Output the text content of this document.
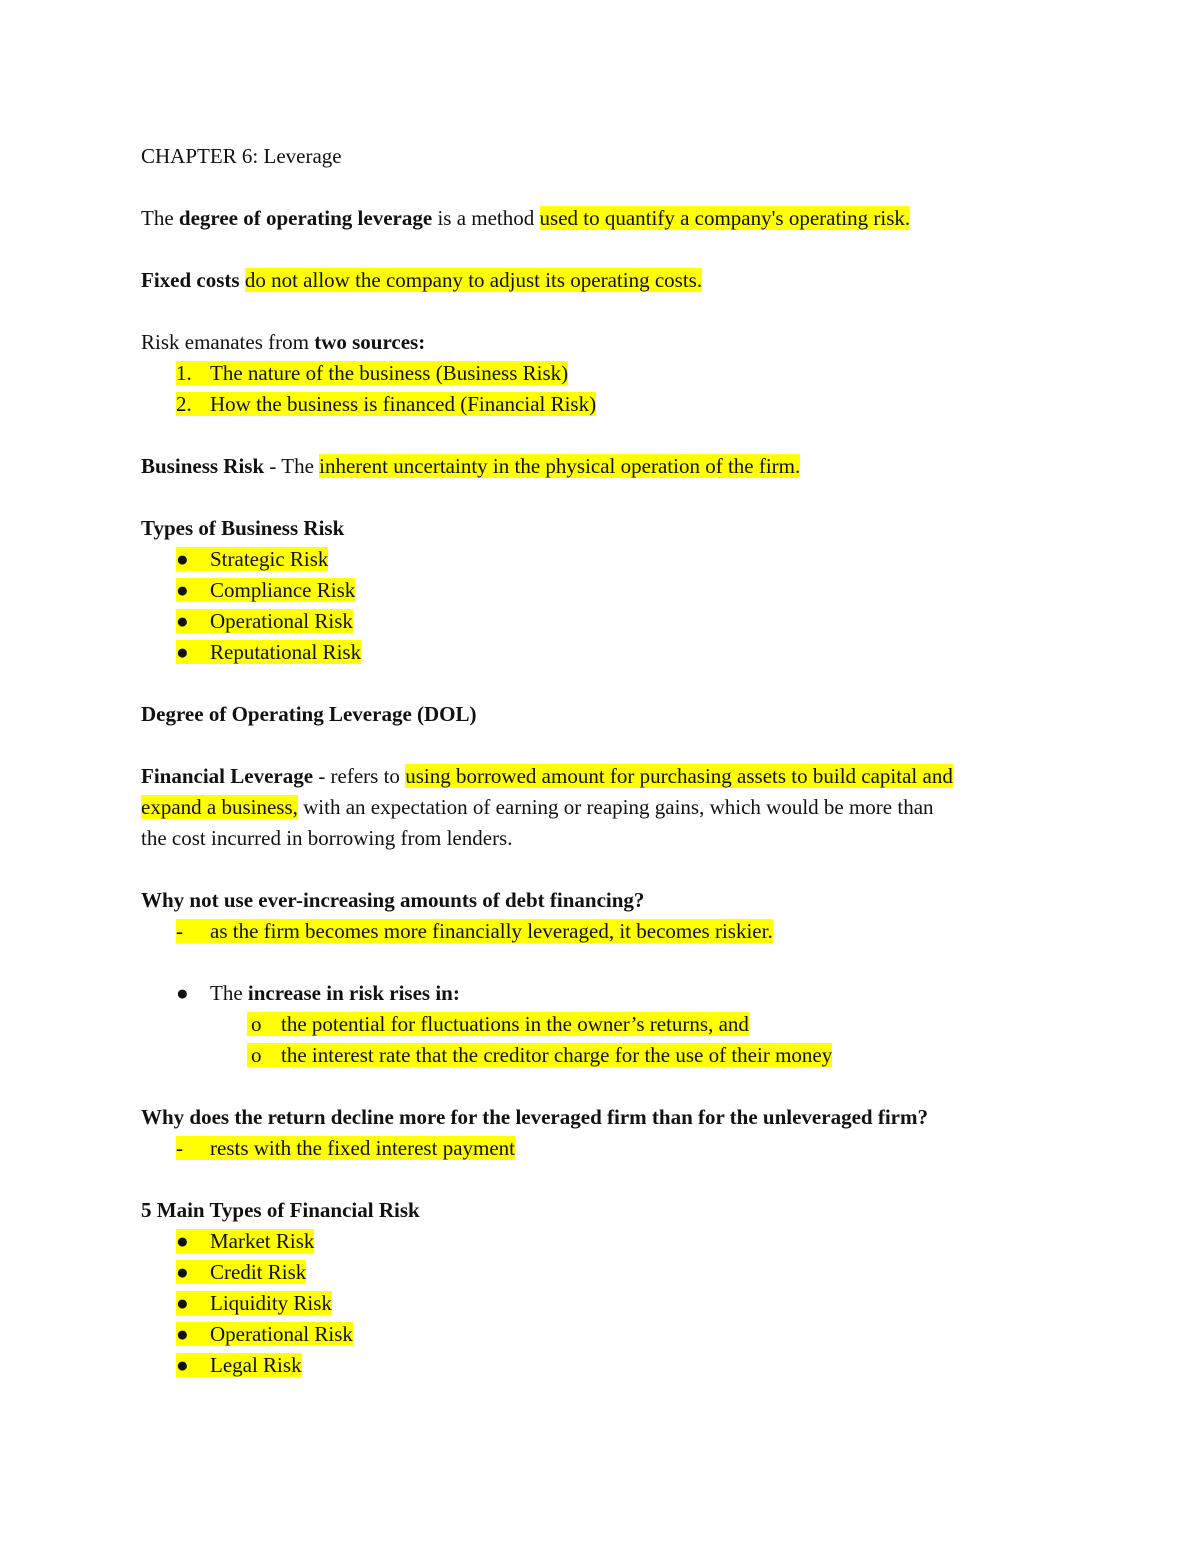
CHAPTER 6: Leverage
The degree of operating leverage is a method used to quantify a company's operating risk.
Fixed costs do not allow the company to adjust its operating costs.
Risk emanates from two sources:
1. The nature of the business (Business Risk)
2. How the business is financed (Financial Risk)
Business Risk - The inherent uncertainty in the physical operation of the firm.
Types of Business Risk
● Strategic Risk
● Compliance Risk
● Operational Risk
● Reputational Risk
Degree of Operating Leverage (DOL)
Financial Leverage - refers to using borrowed amount for purchasing assets to build capital and
expand a business, with an expectation of earning or reaping gains, which would be more than
the cost incurred in borrowing from lenders.
Why not use ever-increasing amounts of debt financing?
- as the firm becomes more financially leveraged, it becomes riskier.
● The increase in risk rises in:
o the potential for fluctuations in the owner’s returns, and
o the interest rate that the creditor charge for the use of their money
Why does the return decline more for the leveraged firm than for the unleveraged firm?
- rests with the fixed interest payment
5 Main Types of Financial Risk
● Market Risk
● Credit Risk
● Liquidity Risk
● Operational Risk
● Legal Risk
